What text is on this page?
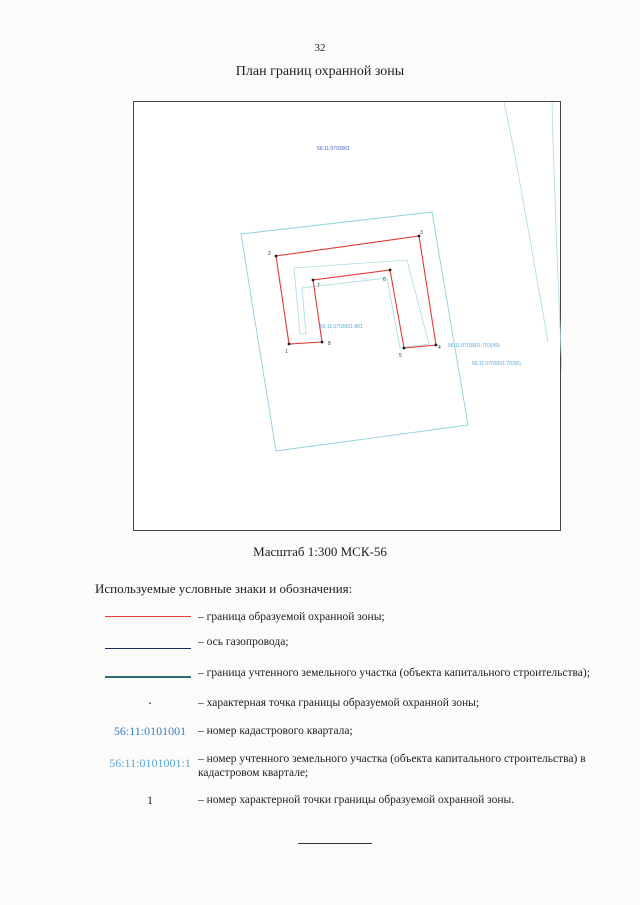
32
План границ охранной зоны
1
2
3
4
5
6
7
8
56:11:0703001
56:11:0703001:881
56:11:0703001:703(49)
56:11:0703001:703(6)
Масштаб 1:300 МСК-56
Используемые условные знаки и обозначения:
– граница образуемой охранной зоны;
– ось газопровода;
– граница учтенного земельного участка (объекта капитального строительства);
.	– характерная точка границы образуемой охранной зоны;
56:11:0101001	– номер кадастрового квартала;
56:11:0101001:1 – номер учтенного земельного участка (объекта капитального строительства) в кадастровом квартале;
1	– номер характерной точки границы образуемой охранной зоны.
